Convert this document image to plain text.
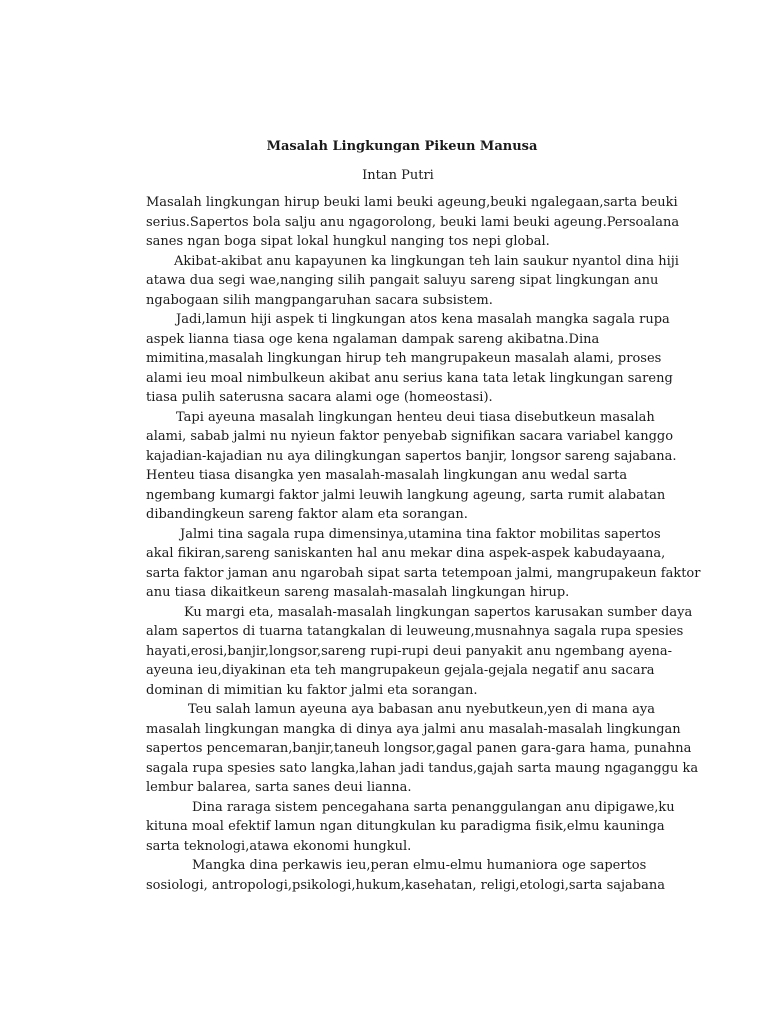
Masalah Lingkungan Pikeun Manusa

Intan Putri

Masalah lingkungan hirup beuki lami beuki ageung,beuki ngalegaan,sarta beuki
serius.Sapertos bola salju anu ngagorolong, beuki lami beuki ageung.Persoalana
sanes ngan boga sipat lokal hungkul nanging tos nepi global.
Akibat-akibat anu kapayunen ka lingkungan teh lain saukur nyantol dina hiji
atawa dua segi wae,nanging silih pangait saluyu sareng sipat lingkungan anu
ngabogaan silih mangpangaruhan sacara subsistem.
Jadi,lamun hiji aspek ti lingkungan atos kena masalah mangka sagala rupa
aspek lianna tiasa oge kena ngalaman dampak sareng akibatna.Dina
mimitina,masalah lingkungan hirup teh mangrupakeun masalah alami, proses
alami ieu moal nimbulkeun akibat anu serius kana tata letak lingkungan sareng
tiasa pulih saterusna sacara alami oge (homeostasi).
Tapi ayeuna masalah lingkungan henteu deui tiasa disebutkeun masalah
alami, sabab jalmi nu nyieun faktor penyebab signifikan sacara variabel kanggo
kajadian-kajadian nu aya dilingkungan sapertos banjir, longsor sareng sajabana.
Henteu tiasa disangka yen masalah-masalah lingkungan anu wedal sarta
ngembang kumargi faktor jalmi leuwih langkung ageung, sarta rumit alabatan
dibandingkeun sareng faktor alam eta sorangan.
Jalmi tina sagala rupa dimensinya,utamina tina faktor mobilitas sapertos
akal fikiran,sareng saniskanten hal anu mekar dina aspek-aspek kabudayaana,
sarta faktor jaman anu ngarobah sipat sarta tetempoan jalmi, mangrupakeun faktor
anu tiasa dikaitkeun sareng masalah-masalah lingkungan hirup.
Ku margi eta, masalah-masalah lingkungan sapertos karusakan sumber daya
alam sapertos di tuarna tatangkalan di leuweung,musnahnya sagala rupa spesies
hayati,erosi,banjir,longsor,sareng rupi-rupi deui panyakit anu ngembang ayena-
ayeuna ieu,diyakinan eta teh mangrupakeun gejala-gejala negatif anu sacara
dominan di mimitian ku faktor jalmi eta sorangan.
Teu salah lamun ayeuna aya babasan anu nyebutkeun,yen di mana aya
masalah lingkungan mangka di dinya aya jalmi anu masalah-masalah lingkungan
sapertos pencemaran,banjir,taneuh longsor,gagal panen gara-gara hama, punahna
sagala rupa spesies sato langka,lahan jadi tandus,gajah sarta maung ngaganggu ka
lembur balarea, sarta sanes deui lianna.
Dina raraga sistem pencegahana sarta penanggulangan anu dipigawe,ku
kituna moal efektif lamun ngan ditungkulan ku paradigma fisik,elmu kauninga
sarta teknologi,atawa ekonomi hungkul.
Mangka dina perkawis ieu,peran elmu-elmu humaniora oge sapertos
sosiologi, antropologi,psikologi,hukum,kasehatan, religi,etologi,sarta sajabana
